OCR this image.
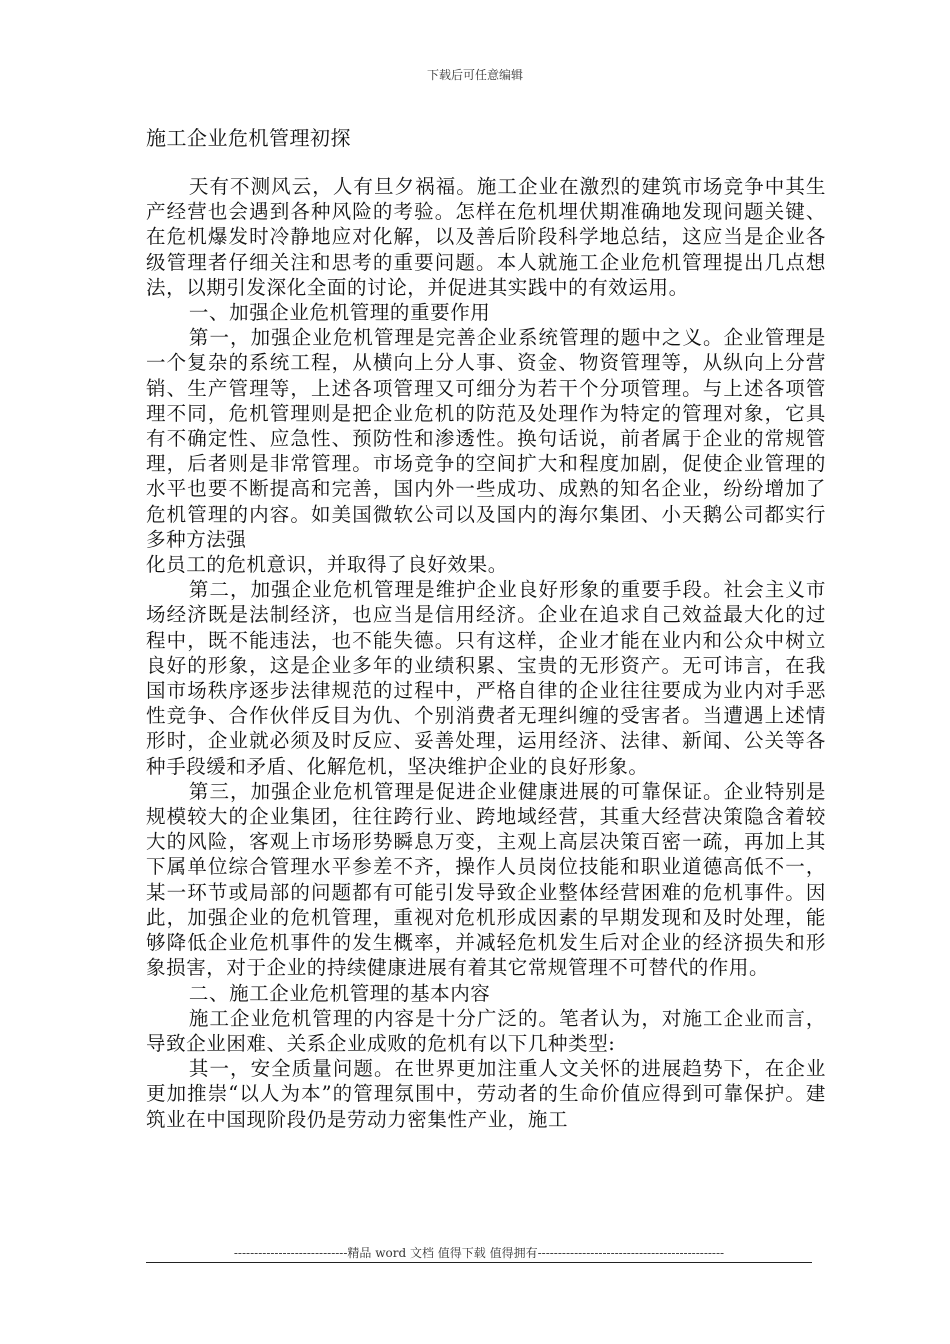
下载后可任意编辑
施工企业危机管理初探

天有不测风云，人有旦夕祸福。施工企业在激烈的建筑市场竞争中其生产经营也会遇到各种风险的考验。怎样在危机埋伏期准确地发现问题关键、在危机爆发时冷静地应对化解，以及善后阶段科学地总结，这应当是企业各级管理者仔细关注和思考的重要问题。本人就施工企业危机管理提出几点想法，以期引发深化全面的讨论，并促进其实践中的有效运用。

一、加强企业危机管理的重要作用

第一，加强企业危机管理是完善企业系统管理的题中之义。企业管理是一个复杂的系统工程，从横向上分人事、资金、物资管理等，从纵向上分营销、生产管理等，上述各项管理又可细分为若干个分项管理。与上述各项管理不同，危机管理则是把企业危机的防范及处理作为特定的管理对象，它具有不确定性、应急性、预防性和渗透性。换句话说，前者属于企业的常规管理，后者则是非常管理。市场竞争的空间扩大和程度加剧，促使企业管理的水平也要不断提高和完善，国内外一些成功、成熟的知名企业，纷纷增加了危机管理的内容。如美国微软公司以及国内的海尔集团、小天鹅公司都实行多种方法强

化员工的危机意识，并取得了良好效果。

第二，加强企业危机管理是维护企业良好形象的重要手段。社会主义市场经济既是法制经济，也应当是信用经济。企业在追求自己效益最大化的过程中，既不能违法，也不能失德。只有这样，企业才能在业内和公众中树立良好的形象，这是企业多年的业绩积累、宝贵的无形资产。无可讳言，在我国市场秩序逐步法律规范的过程中，严格自律的企业往往要成为业内对手恶性竞争、合作伙伴反目为仇、个别消费者无理纠缠的受害者。当遭遇上述情形时，企业就必须及时反应、妥善处理，运用经济、法律、新闻、公关等各种手段缓和矛盾、化解危机，坚决维护企业的良好形象。

第三，加强企业危机管理是促进企业健康进展的可靠保证。企业特别是规模较大的企业集团，往往跨行业、跨地域经营，其重大经营决策隐含着较大的风险，客观上市场形势瞬息万变，主观上高层决策百密一疏，再加上其下属单位综合管理水平参差不齐，操作人员岗位技能和职业道德高低不一，某一环节或局部的问题都有可能引发导致企业整体经营困难的危机事件。因此，加强企业的危机管理，重视对危机形成因素的早期发现和及时处理，能够降低企业危机事件的发生概率，并减轻危机发生后对企业的经济损失和形象损害，对于企业的持续健康进展有着其它常规管理不可替代的作用。

二、施工企业危机管理的基本内容

施工企业危机管理的内容是十分广泛的。笔者认为，对施工企业而言，导致企业困难、关系企业成败的危机有以下几种类型:

其一，安全质量问题。在世界更加注重人文关怀的进展趋势下，在企业更加推崇“以人为本”的管理氛围中，劳动者的生命价值应得到可靠保护。建筑业在中国现阶段仍是劳动力密集性产业，施工

----------------------------精品 word 文档 值得下载 值得拥有----------------------------------------------
